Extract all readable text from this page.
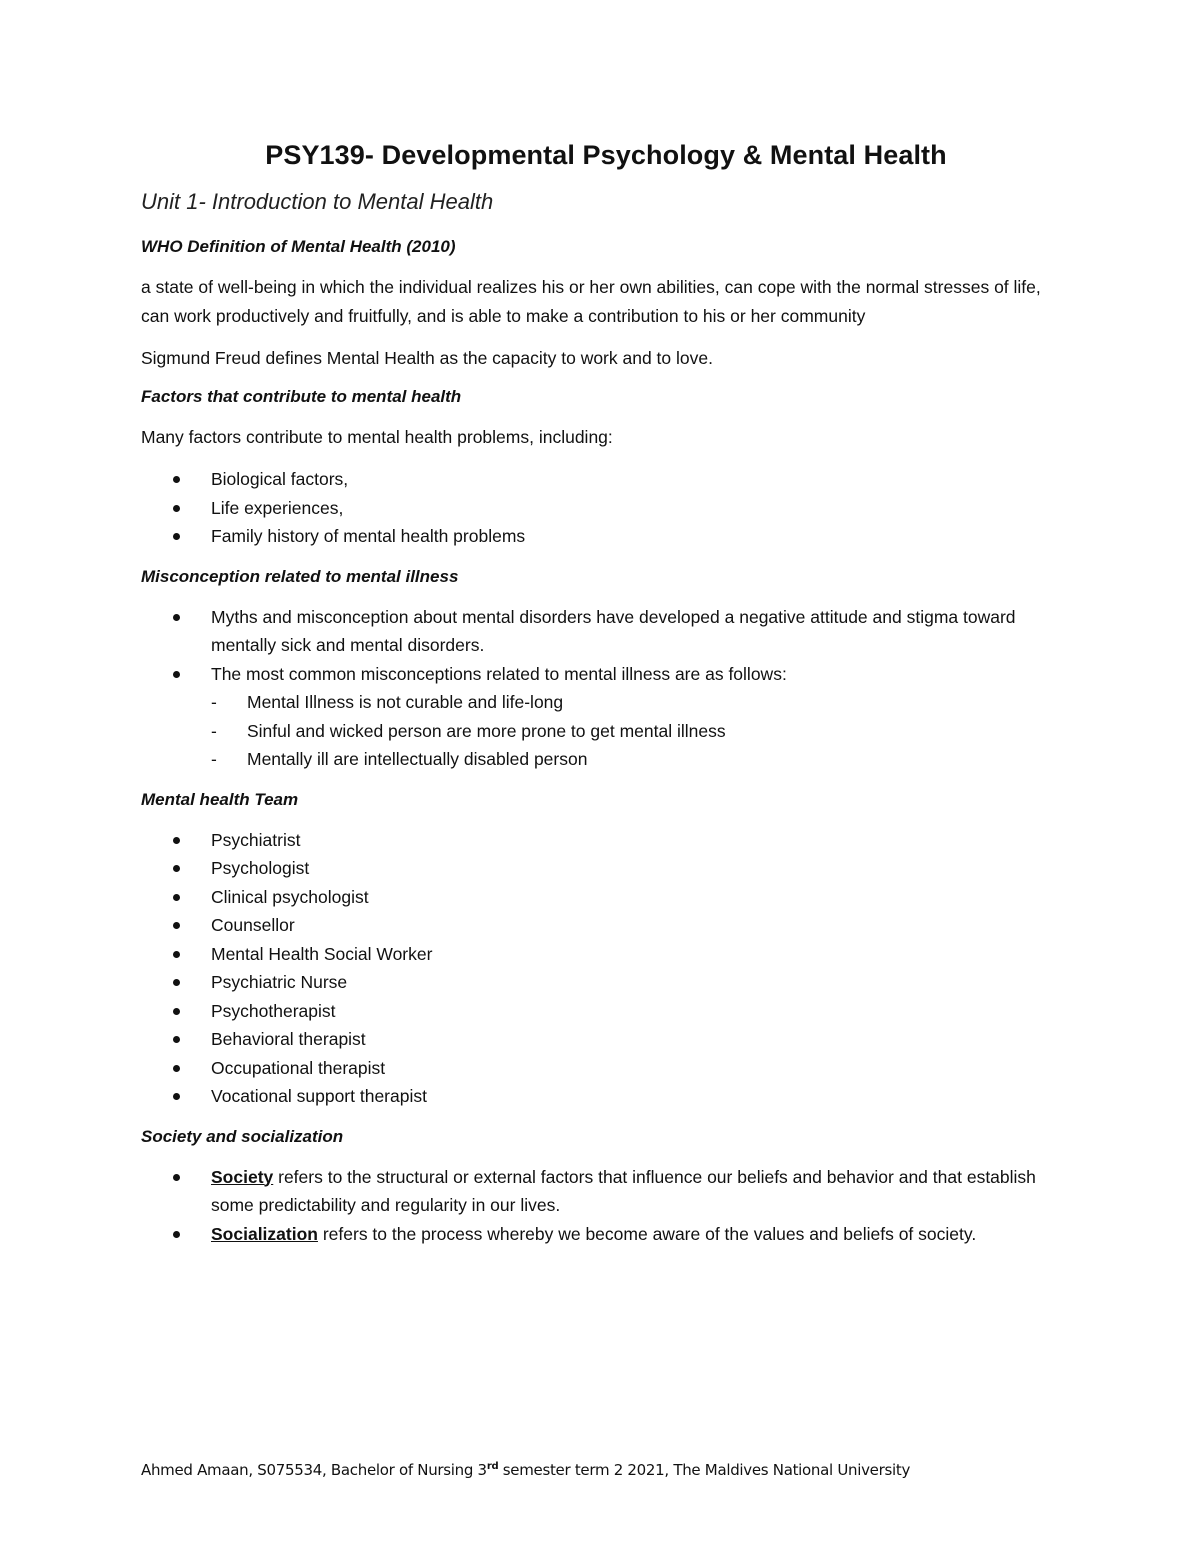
PSY139- Developmental Psychology & Mental Health
Unit 1- Introduction to Mental Health
WHO Definition of Mental Health (2010)

a state of well-being in which the individual realizes his or her own abilities, can cope with the normal stresses of life, can work productively and fruitfully, and is able to make a contribution to his or her community

Sigmund Freud defines Mental Health as the capacity to work and to love.

Factors that contribute to mental health

Many factors contribute to mental health problems, including:

Biological factors,
Life experiences,
Family history of mental health problems
Misconception related to mental illness
Myths and misconception about mental disorders have developed a negative attitude and stigma toward mentally sick and mental disorders.
The most common misconceptions related to mental illness are as follows:
- Mental Illness is not curable and life-long
- Sinful and wicked person are more prone to get mental illness
- Mentally ill are intellectually disabled person
Mental health Team
Psychiatrist
Psychologist
Clinical psychologist
Counsellor
Mental Health Social Worker
Psychiatric Nurse
Psychotherapist
Behavioral therapist
Occupational therapist
Vocational support therapist
Society and socialization
Society refers to the structural or external factors that influence our beliefs and behavior and that establish some predictability and regularity in our lives.
Socialization refers to the process whereby we become aware of the values and beliefs of society.
Ahmed Amaan, S075534, Bachelor of Nursing 3rd semester term 2 2021, The Maldives National University
